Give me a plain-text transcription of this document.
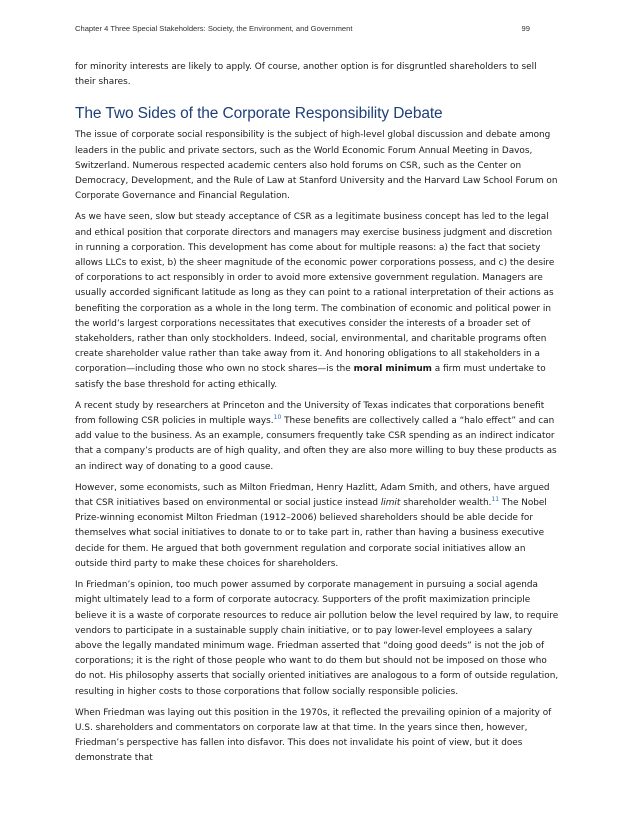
Chapter 4 Three Special Stakeholders: Society, the Environment, and Government	99

for minority interests are likely to apply. Of course, another option is for disgruntled shareholders to sell their shares.

The Two Sides of the Corporate Responsibility Debate

The issue of corporate social responsibility is the subject of high-level global discussion and debate among leaders in the public and private sectors, such as the World Economic Forum Annual Meeting in Davos, Switzerland. Numerous respected academic centers also hold forums on CSR, such as the Center on Democracy, Development, and the Rule of Law at Stanford University and the Harvard Law School Forum on Corporate Governance and Financial Regulation.

As we have seen, slow but steady acceptance of CSR as a legitimate business concept has led to the legal and ethical position that corporate directors and managers may exercise business judgment and discretion in running a corporation. This development has come about for multiple reasons: a) the fact that society allows LLCs to exist, b) the sheer magnitude of the economic power corporations possess, and c) the desire of corporations to act responsibly in order to avoid more extensive government regulation. Managers are usually accorded significant latitude as long as they can point to a rational interpretation of their actions as benefiting the corporation as a whole in the long term. The combination of economic and political power in the world’s largest corporations necessitates that executives consider the interests of a broader set of stakeholders, rather than only stockholders. Indeed, social, environmental, and charitable programs often create shareholder value rather than take away from it. And honoring obligations to all stakeholders in a corporation—including those who own no stock shares—is the moral minimum a firm must undertake to satisfy the base threshold for acting ethically.

A recent study by researchers at Princeton and the University of Texas indicates that corporations benefit from following CSR policies in multiple ways.$^{10}$ These benefits are collectively called a “halo effect” and can add value to the business. As an example, consumers frequently take CSR spending as an indirect indicator that a company’s products are of high quality, and often they are also more willing to buy these products as an indirect way of donating to a good cause.

However, some economists, such as Milton Friedman, Henry Hazlitt, Adam Smith, and others, have argued that CSR initiatives based on environmental or social justice instead limit shareholder wealth.$^{11}$ The Nobel Prize-winning economist Milton Friedman (1912–2006) believed shareholders should be able decide for themselves what social initiatives to donate to or to take part in, rather than having a business executive decide for them. He argued that both government regulation and corporate social initiatives allow an outside third party to make these choices for shareholders.

In Friedman’s opinion, too much power assumed by corporate management in pursuing a social agenda might ultimately lead to a form of corporate autocracy. Supporters of the profit maximization principle believe it is a waste of corporate resources to reduce air pollution below the level required by law, to require vendors to participate in a sustainable supply chain initiative, or to pay lower-level employees a salary above the legally mandated minimum wage. Friedman asserted that “doing good deeds” is not the job of corporations; it is the right of those people who want to do them but should not be imposed on those who do not. His philosophy asserts that socially oriented initiatives are analogous to a form of outside regulation, resulting in higher costs to those corporations that follow socially responsible policies.

When Friedman was laying out this position in the 1970s, it reflected the prevailing opinion of a majority of U.S. shareholders and commentators on corporate law at that time. In the years since then, however, Friedman’s perspective has fallen into disfavor. This does not invalidate his point of view, but it does demonstrate that
